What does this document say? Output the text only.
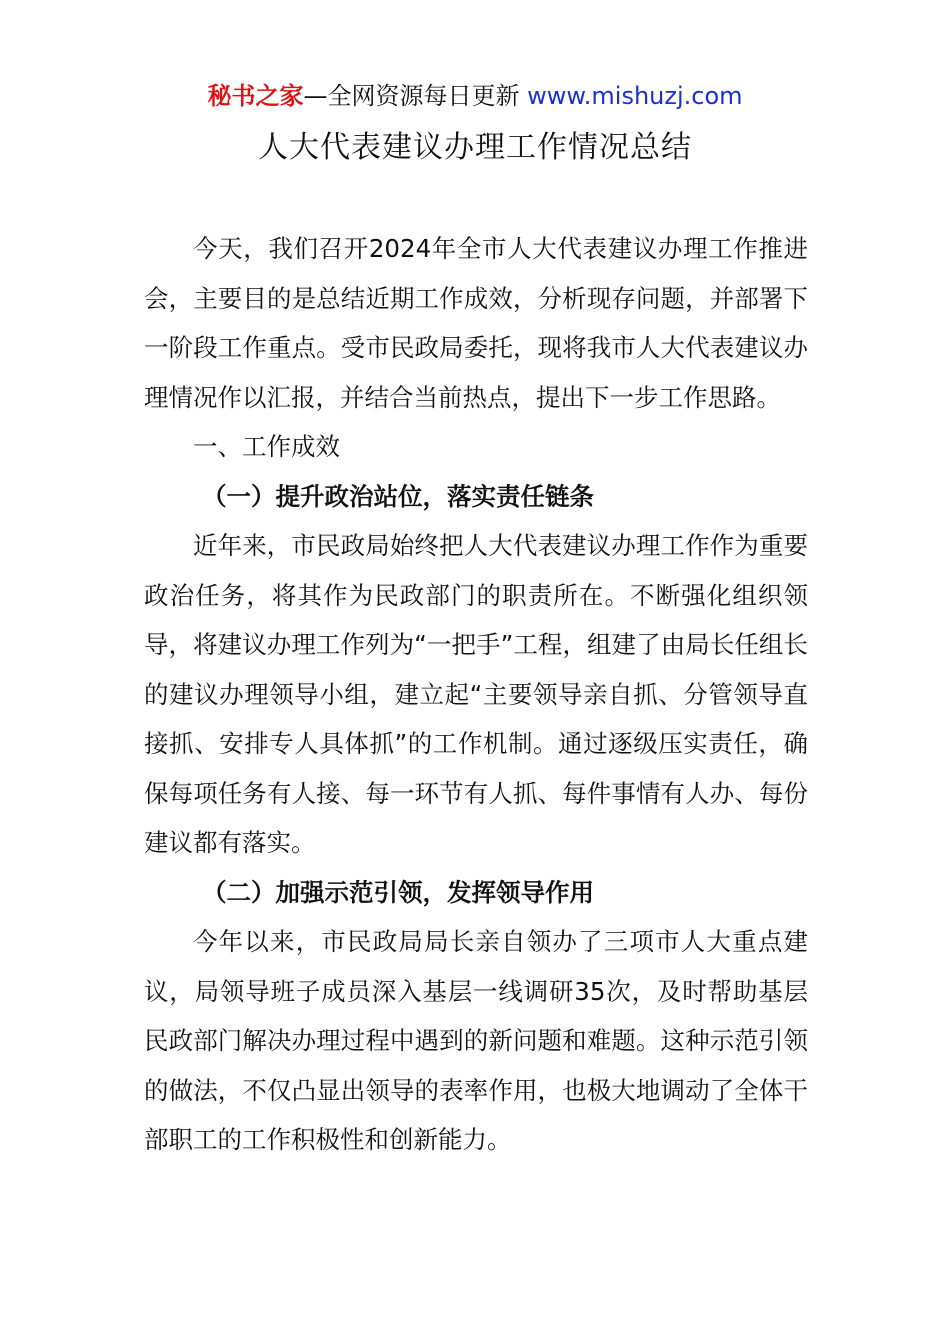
秘书之家—全网资源每日更新 www.mishuzj.com
人大代表建议办理工作情况总结

今天，我们召开2024年全市人大代表建议办理工作推进会，主要目的是总结近期工作成效，分析现存问题，并部署下一阶段工作重点。受市民政局委托，现将我市人大代表建议办理情况作以汇报，并结合当前热点，提出下一步工作思路。

一、工作成效

（一）提升政治站位，落实责任链条

近年来，市民政局始终把人大代表建议办理工作作为重要政治任务，将其作为民政部门的职责所在。不断强化组织领导，将建议办理工作列为“一把手”工程，组建了由局长任组长的建议办理领导小组，建立起“主要领导亲自抓、分管领导直接抓、安排专人具体抓”的工作机制。通过逐级压实责任，确保每项任务有人接、每一环节有人抓、每件事情有人办、每份建议都有落实。

（二）加强示范引领，发挥领导作用

今年以来，市民政局局长亲自领办了三项市人大重点建议，局领导班子成员深入基层一线调研35次，及时帮助基层民政部门解决办理过程中遇到的新问题和难题。这种示范引领的做法，不仅凸显出领导的表率作用，也极大地调动了全体干部职工的工作积极性和创新能力。
